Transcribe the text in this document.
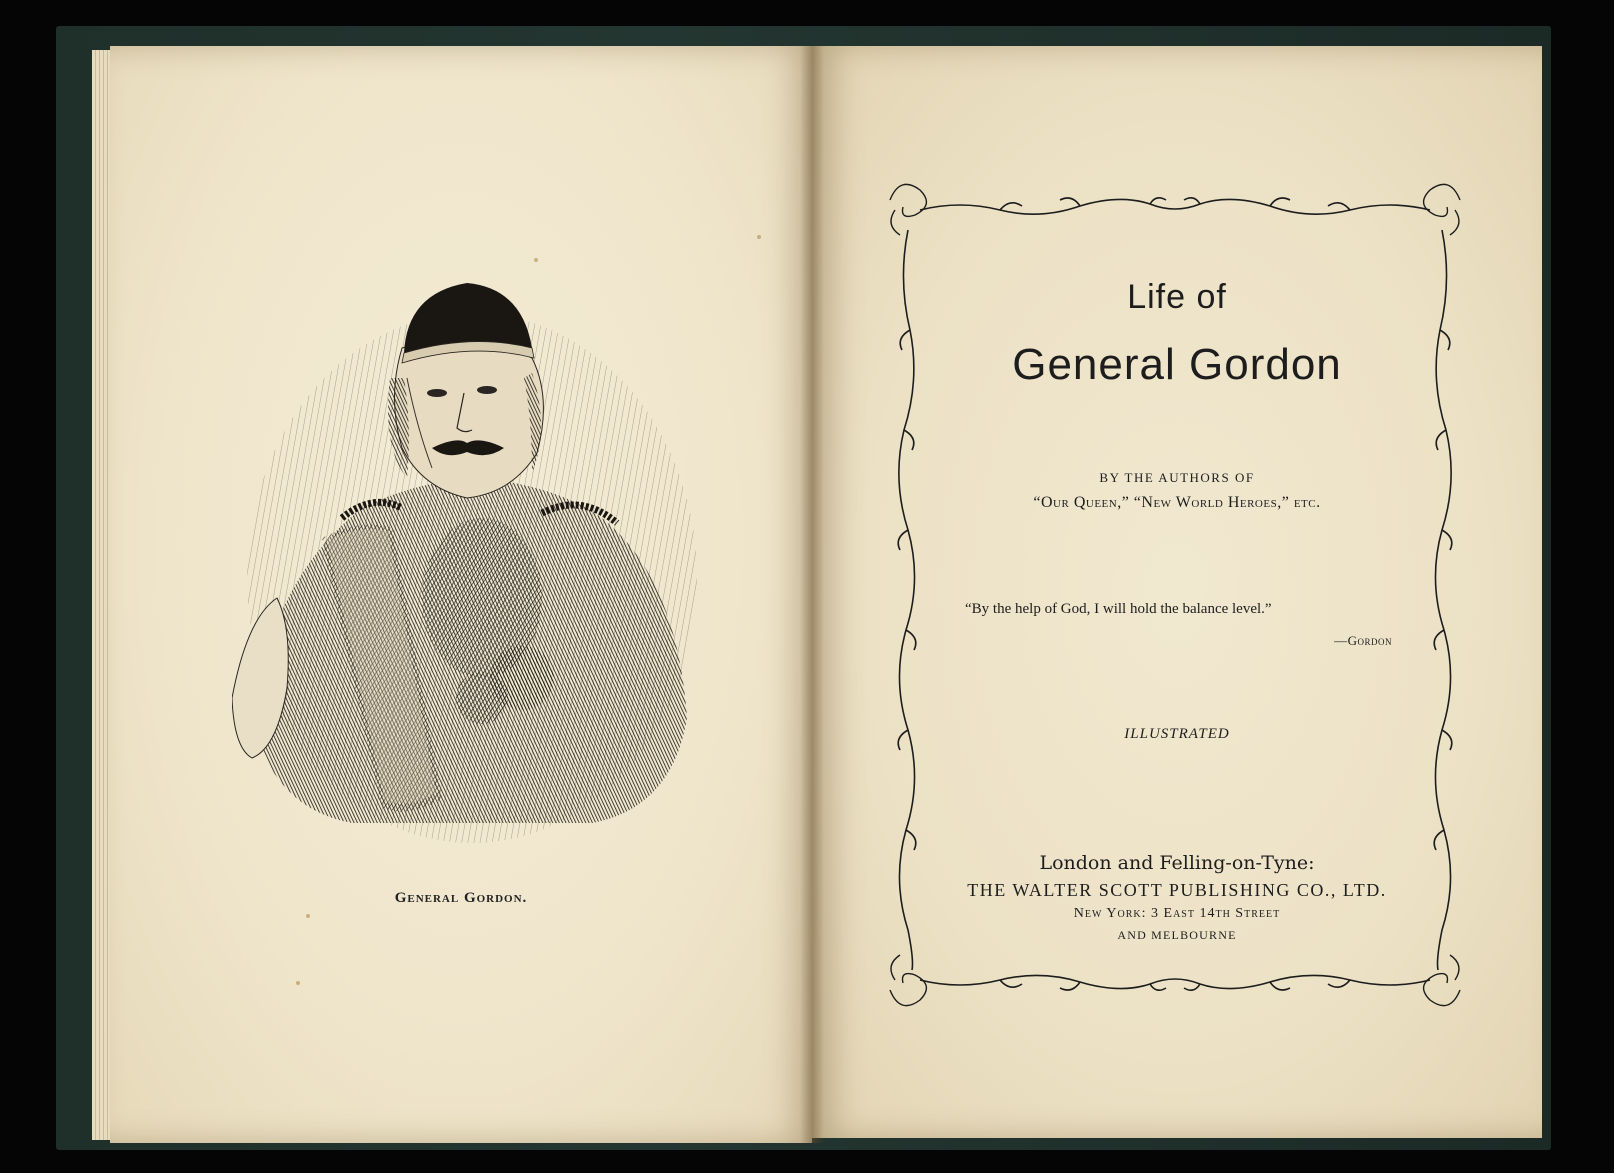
General Gordon.
Life of
General Gordon
BY THE AUTHORS OF
“Our Queen,” “New World Heroes,” etc.
“By the help of God, I will hold the balance level.”
—Gordon
ILLUSTRATED
London and Felling-on-Tyne:
THE WALTER SCOTT PUBLISHING CO., LTD.
New York: 3 East 14th Street
AND MELBOURNE
